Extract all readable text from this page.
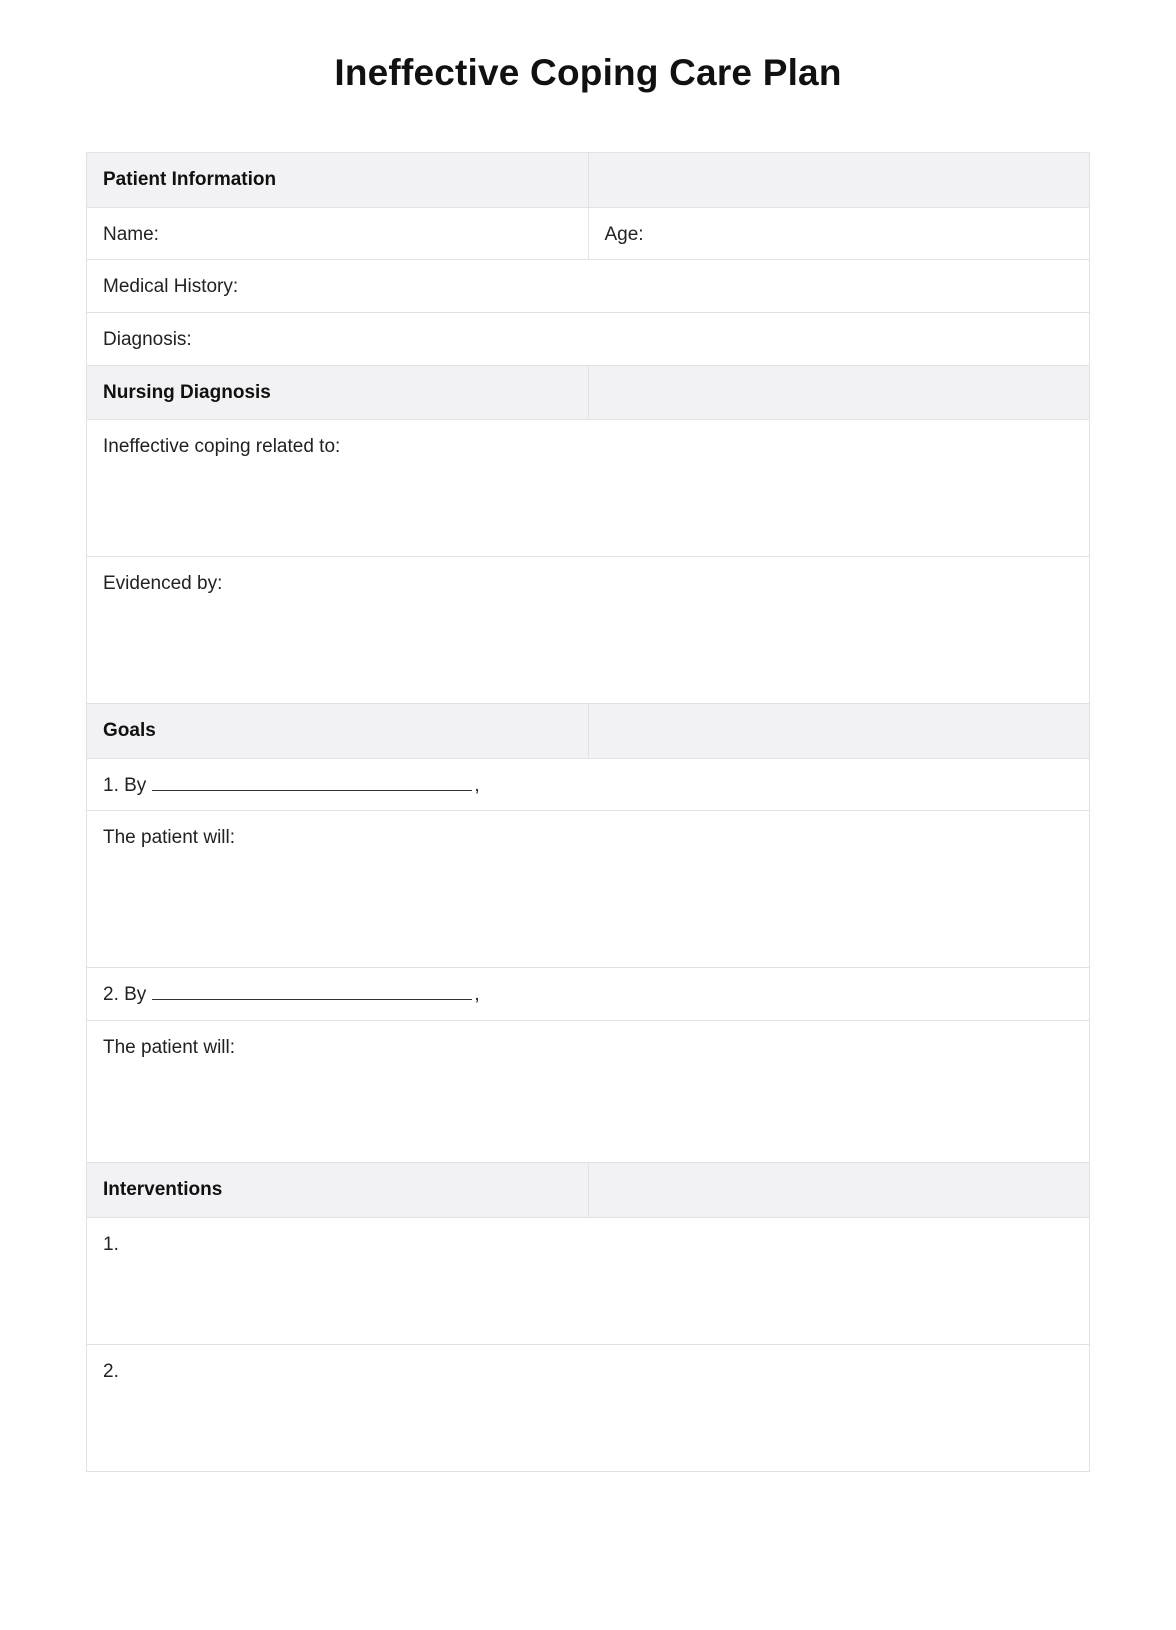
Ineffective Coping Care Plan
Patient Information	

Name:	Age:

Medical History:	

Diagnosis:	

Nursing Diagnosis	

Ineffective coping related to:	

Evidenced by:	

Goals	
1. By ,	

The patient will:	

2. By ,	

The patient will:	

Interventions	

1.	

2.	
